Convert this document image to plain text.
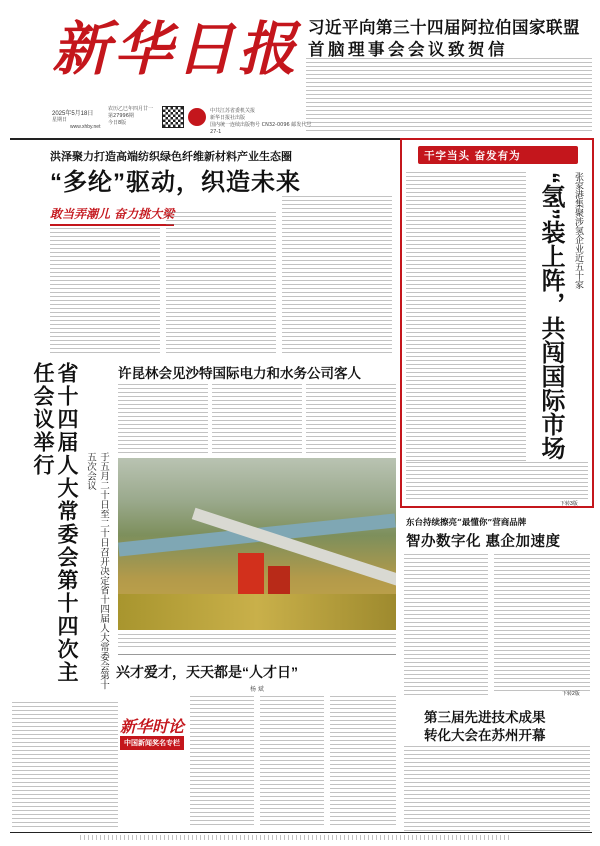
新华日报
2025年5月18日
星期日
农历乙巳年四月廿一
第27996期
今日8版
www.xhby.net
中共江苏省委机关报
新华日报社出版
国内统一连续出版物号 CN32-0096 邮发代号 27-1
习近平向第三十四届阿拉伯国家联盟
首脑理事会会议致贺信
洪泽聚力打造高端纺织绿色纤维新材料产业生态圈
“多纶”驱动，织造未来
敢当弄潮儿 奋力挑大梁
干字当头 奋发有为
张家港集聚涉氢企业近五十家
“氢”装上阵，共闯国际市场
下转3版
省十四届人大常委会第十四次主任会议举行
于五月二十日至二十日召开决定省十四届人大常委会第十五次会议
许昆林会见沙特国际电力和水务公司客人
东台持续擦亮“最懂你”营商品牌
智办数字化 惠企加速度
下转2版
第三届先进技术成果
转化大会在苏州开幕
兴才爱才，天天都是“人才日”
杨 斌
新华时论
中国新闻奖名专栏
